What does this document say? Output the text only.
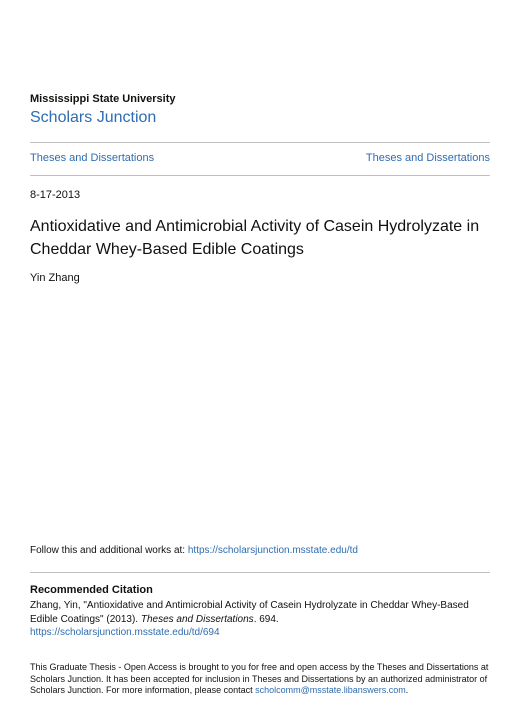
Mississippi State University
Scholars Junction
Theses and Dissertations	Theses and Dissertations
8-17-2013
Antioxidative and Antimicrobial Activity of Casein Hydrolyzate in Cheddar Whey-Based Edible Coatings
Yin Zhang
Follow this and additional works at: https://scholarsjunction.msstate.edu/td
Recommended Citation
Zhang, Yin, "Antioxidative and Antimicrobial Activity of Casein Hydrolyzate in Cheddar Whey-Based Edible Coatings" (2013). Theses and Dissertations. 694.
https://scholarsjunction.msstate.edu/td/694
This Graduate Thesis - Open Access is brought to you for free and open access by the Theses and Dissertations at Scholars Junction. It has been accepted for inclusion in Theses and Dissertations by an authorized administrator of Scholars Junction. For more information, please contact scholcomm@msstate.libanswers.com.
